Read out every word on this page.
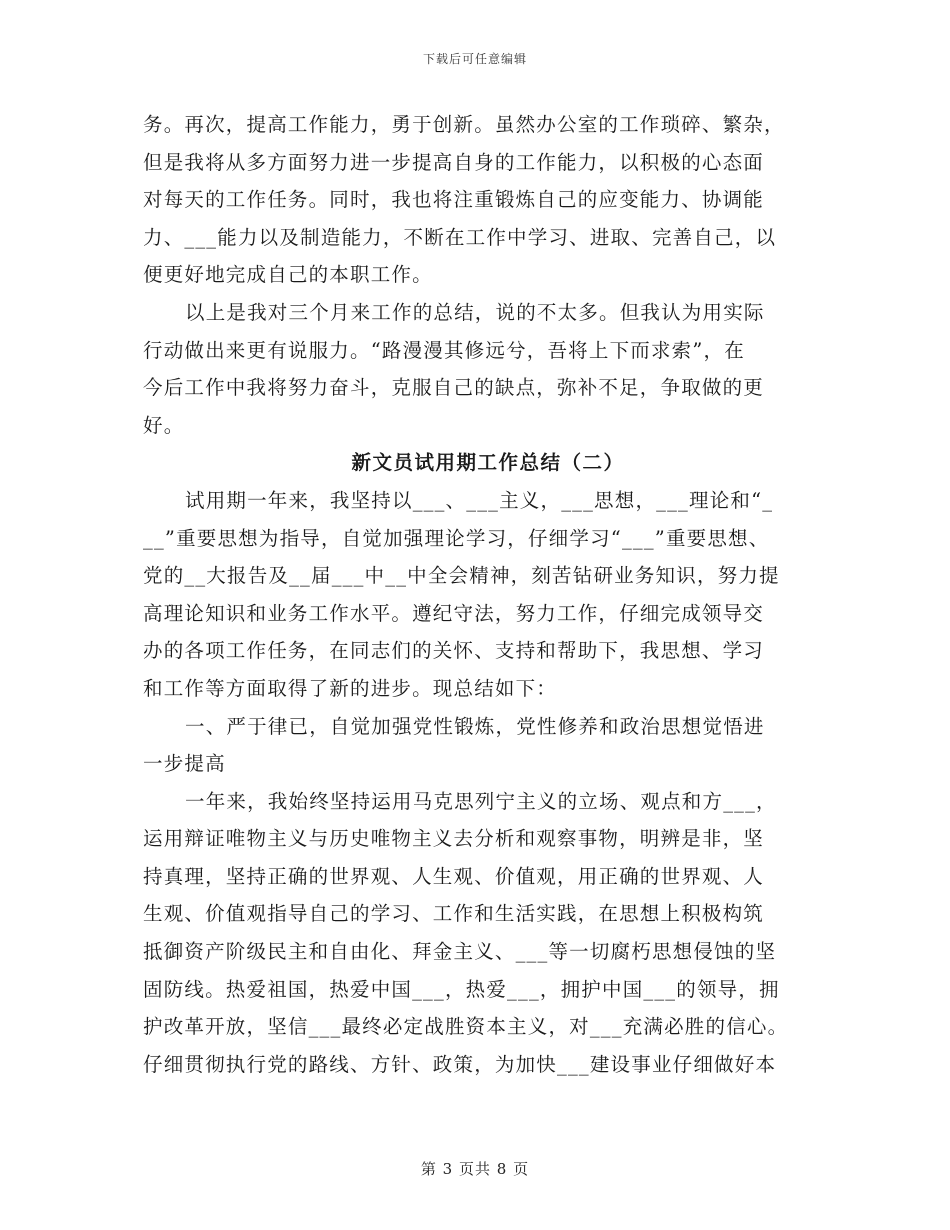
下载后可任意编辑
务。再次，提高工作能力，勇于创新。虽然办公室的工作琐碎、繁杂，
但是我将从多方面努力进一步提高自身的工作能力，以积极的心态面
对每天的工作任务。同时，我也将注重锻炼自己的应变能力、协调能
力、___能力以及制造能力，不断在工作中学习、进取、完善自己，以
便更好地完成自己的本职工作。
以上是我对三个月来工作的总结，说的不太多。但我认为用实际
行动做出来更有说服力。“路漫漫其修远兮，吾将上下而求索”，在
今后工作中我将努力奋斗，克服自己的缺点，弥补不足，争取做的更
好。
新文员试用期工作总结（二）
试用期一年来，我坚持以___、___主义，___思想，___理论和“_
__”重要思想为指导，自觉加强理论学习，仔细学习“___”重要思想、
党的__大报告及__届___中__中全会精神，刻苦钻研业务知识，努力提
高理论知识和业务工作水平。遵纪守法，努力工作，仔细完成领导交
办的各项工作任务，在同志们的关怀、支持和帮助下，我思想、学习
和工作等方面取得了新的进步。现总结如下：
一、严于律已，自觉加强党性锻炼，党性修养和政治思想觉悟进
一步提高
一年来，我始终坚持运用马克思列宁主义的立场、观点和方___，
运用辩证唯物主义与历史唯物主义去分析和观察事物，明辨是非，坚
持真理，坚持正确的世界观、人生观、价值观，用正确的世界观、人
生观、价值观指导自己的学习、工作和生活实践，在思想上积极构筑
抵御资产阶级民主和自由化、拜金主义、___等一切腐朽思想侵蚀的坚
固防线。热爱祖国，热爱中国___，热爱___，拥护中国___的领导，拥
护改革开放，坚信___最终必定战胜资本主义，对___充满必胜的信心。
仔细贯彻执行党的路线、方针、政策，为加快___建设事业仔细做好本
第 3 页共 8 页
